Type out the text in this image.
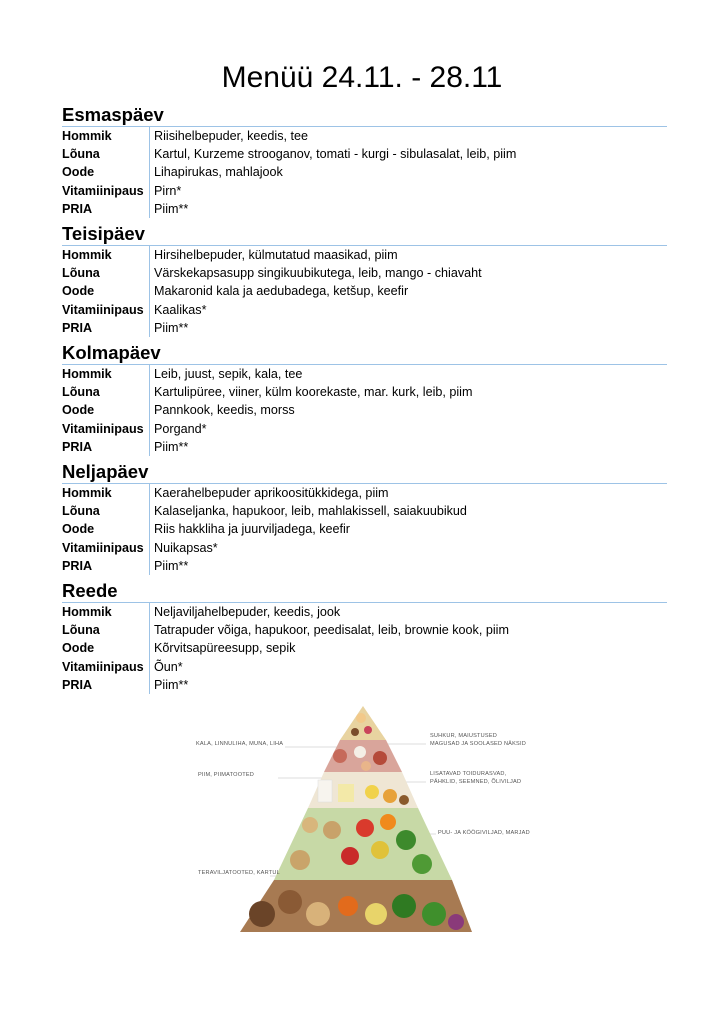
Menüü 24.11. - 28.11
Esmaspäev
Hommik	Riisihelbepuder, keedis, tee
Lõuna	Kartul, Kurzeme strooganov, tomati - kurgi - sibulasalat, leib, piim
Oode	Lihapirukas, mahlajook
Vitamiinipaus Pirn*
PRIA	Piim**
Teisipäev
Hommik	Hirsihelbepuder, külmutatud maasikad, piim
Lõuna	Värskekapsasupp singikuubikutega, leib, mango - chiavaht
Oode	Makaronid kala ja aedubadega, ketšup, keefir
Vitamiinipaus Kaalikas*
PRIA	Piim**
Kolmapäev
Hommik	Leib, juust, sepik, kala, tee
Lõuna	Kartulipüree, viiner, külm koorekaste, mar. kurk, leib, piim
Oode	Pannkook, keedis, morss
Vitamiinipaus Porgand*
PRIA	Piim**
Neljapäev
Hommik	Kaerahelbepuder aprikoositükkidega, piim
Lõuna	Kalaseljanka, hapukoor, leib, mahlakissell, saiakuubikud
Oode	Riis hakkliha ja juurviljadega, keefir
Vitamiinipaus Nuikapsas*
PRIA	Piim**
Reede
Hommik	Neljaviljahelbepuder, keedis, jook
Lõuna	Tatrapuder võiga, hapukoor, peedisalat, leib, brownie kook, piim
Oode	Kõrvitsapüreesupp, sepik
Vitamiinipaus Õun*
PRIA	Piim**
KALA, LINNULIHA, MUNA, LIHA
PIIM, PIIMATOOTED
TERAVILJATOOTED, KARTUL
SUHKUR, MAIUSTUSED
MAGUSAD JA SOOLASED NÄKSID
LISATAVAD TOIDURASVAD,
PÄHKLID, SEEMNED, ÕLIVILJAD
PUU- JA KÖÖGIVILJAD, MARJAD
